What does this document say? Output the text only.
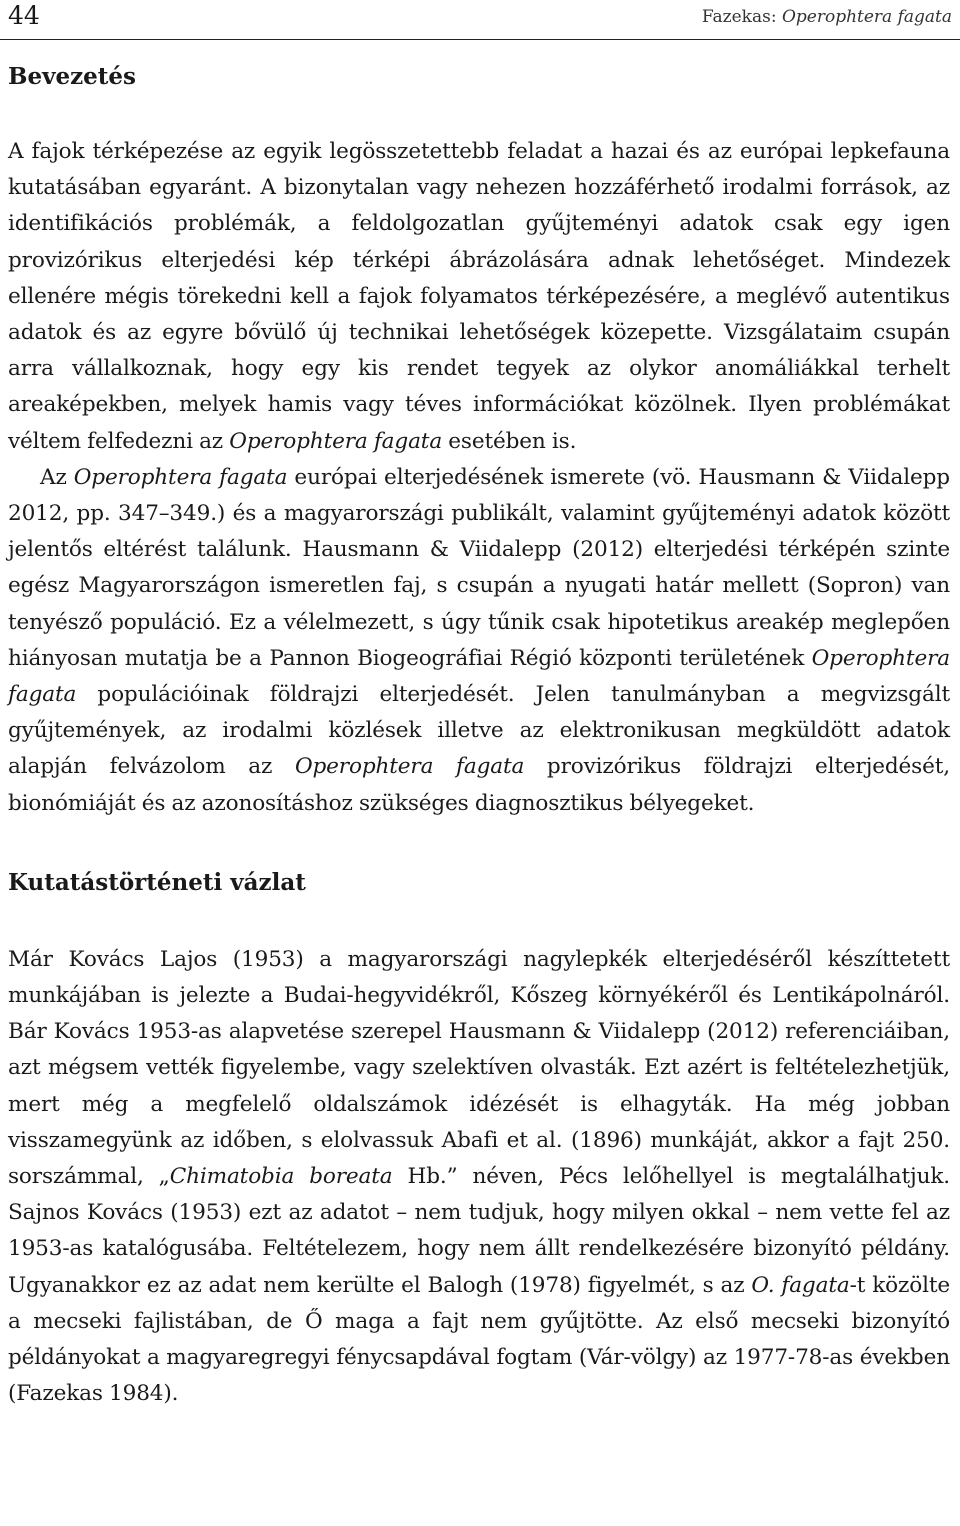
44	Fazekas: Operophtera fagata
Bevezetés

A fajok térképezése az egyik legösszetettebb feladat a hazai és az európai lepkefauna kutatásában egyaránt. A bizonytalan vagy nehezen hozzáférhető irodalmi források, az identifikációs problémák, a feldolgozatlan gyűjteményi adatok csak egy igen provizórikus elterjedési kép térképi ábrázolására adnak lehetőséget. Mindezek ellenére mégis törekedni kell a fajok folyamatos térképezésére, a meglévő autentikus adatok és az egyre bővülő új technikai lehetőségek közepette. Vizsgálataim csupán arra vállalkoznak, hogy egy kis rendet tegyek az olykor anomáliákkal terhelt areaképekben, melyek hamis vagy téves információkat közölnek. Ilyen problémákat véltem felfedezni az Operophtera fagata esetében is.

Az Operophtera fagata európai elterjedésének ismerete (vö. Hausmann & Viidalepp 2012, pp. 347–349.) és a magyarországi publikált, valamint gyűjteményi adatok között jelentős eltérést találunk. Hausmann & Viidalepp (2012) elterjedési térképén szinte egész Magyarországon ismeretlen faj, s csupán a nyugati határ mellett (Sopron) van tenyésző populáció. Ez a vélelmezett, s úgy tűnik csak hipotetikus areakép meglepően hiányosan mutatja be a Pannon Biogeográfiai Régió központi területének Operophtera fagata populációinak földrajzi elterjedését. Jelen tanulmányban a megvizsgált gyűjtemények, az irodalmi közlések illetve az elektronikusan megküldött adatok alapján felvázolom az Operophtera fagata provizórikus földrajzi elterjedését, bionómiáját és az azonosításhoz szükséges diagnosztikus bélyegeket.

Kutatástörténeti vázlat

Már Kovács Lajos (1953) a magyarországi nagylepkék elterjedéséről készíttetett munkájában is jelezte a Budai-hegyvidékről, Kőszeg környékéről és Lentikápolnáról. Bár Kovács 1953-as alapvetése szerepel Hausmann & Viidalepp (2012) referenciáiban, azt mégsem vették figyelembe, vagy szelektíven olvasták. Ezt azért is feltételezhetjük, mert még a megfelelő oldalszámok idézését is elhagyták. Ha még jobban visszamegyünk az időben, s elolvassuk Abafi et al. (1896) munkáját, akkor a fajt 250. sorszámmal, „Chimatobia boreata Hb.” néven, Pécs lelőhellyel is megtalálhatjuk. Sajnos Kovács (1953) ezt az adatot – nem tudjuk, hogy milyen okkal – nem vette fel az 1953-as katalógusába. Feltételezem, hogy nem állt rendelkezésére bizonyító példány. Ugyanakkor ez az adat nem kerülte el Balogh (1978) figyelmét, s az O. fagata-t közölte a mecseki fajlistában, de Ő maga a fajt nem gyűjtötte. Az első mecseki bizonyító példányokat a magyaregregyi fénycsapdával fogtam (Vár-völgy) az 1977-78-as években (Fazekas 1984).
